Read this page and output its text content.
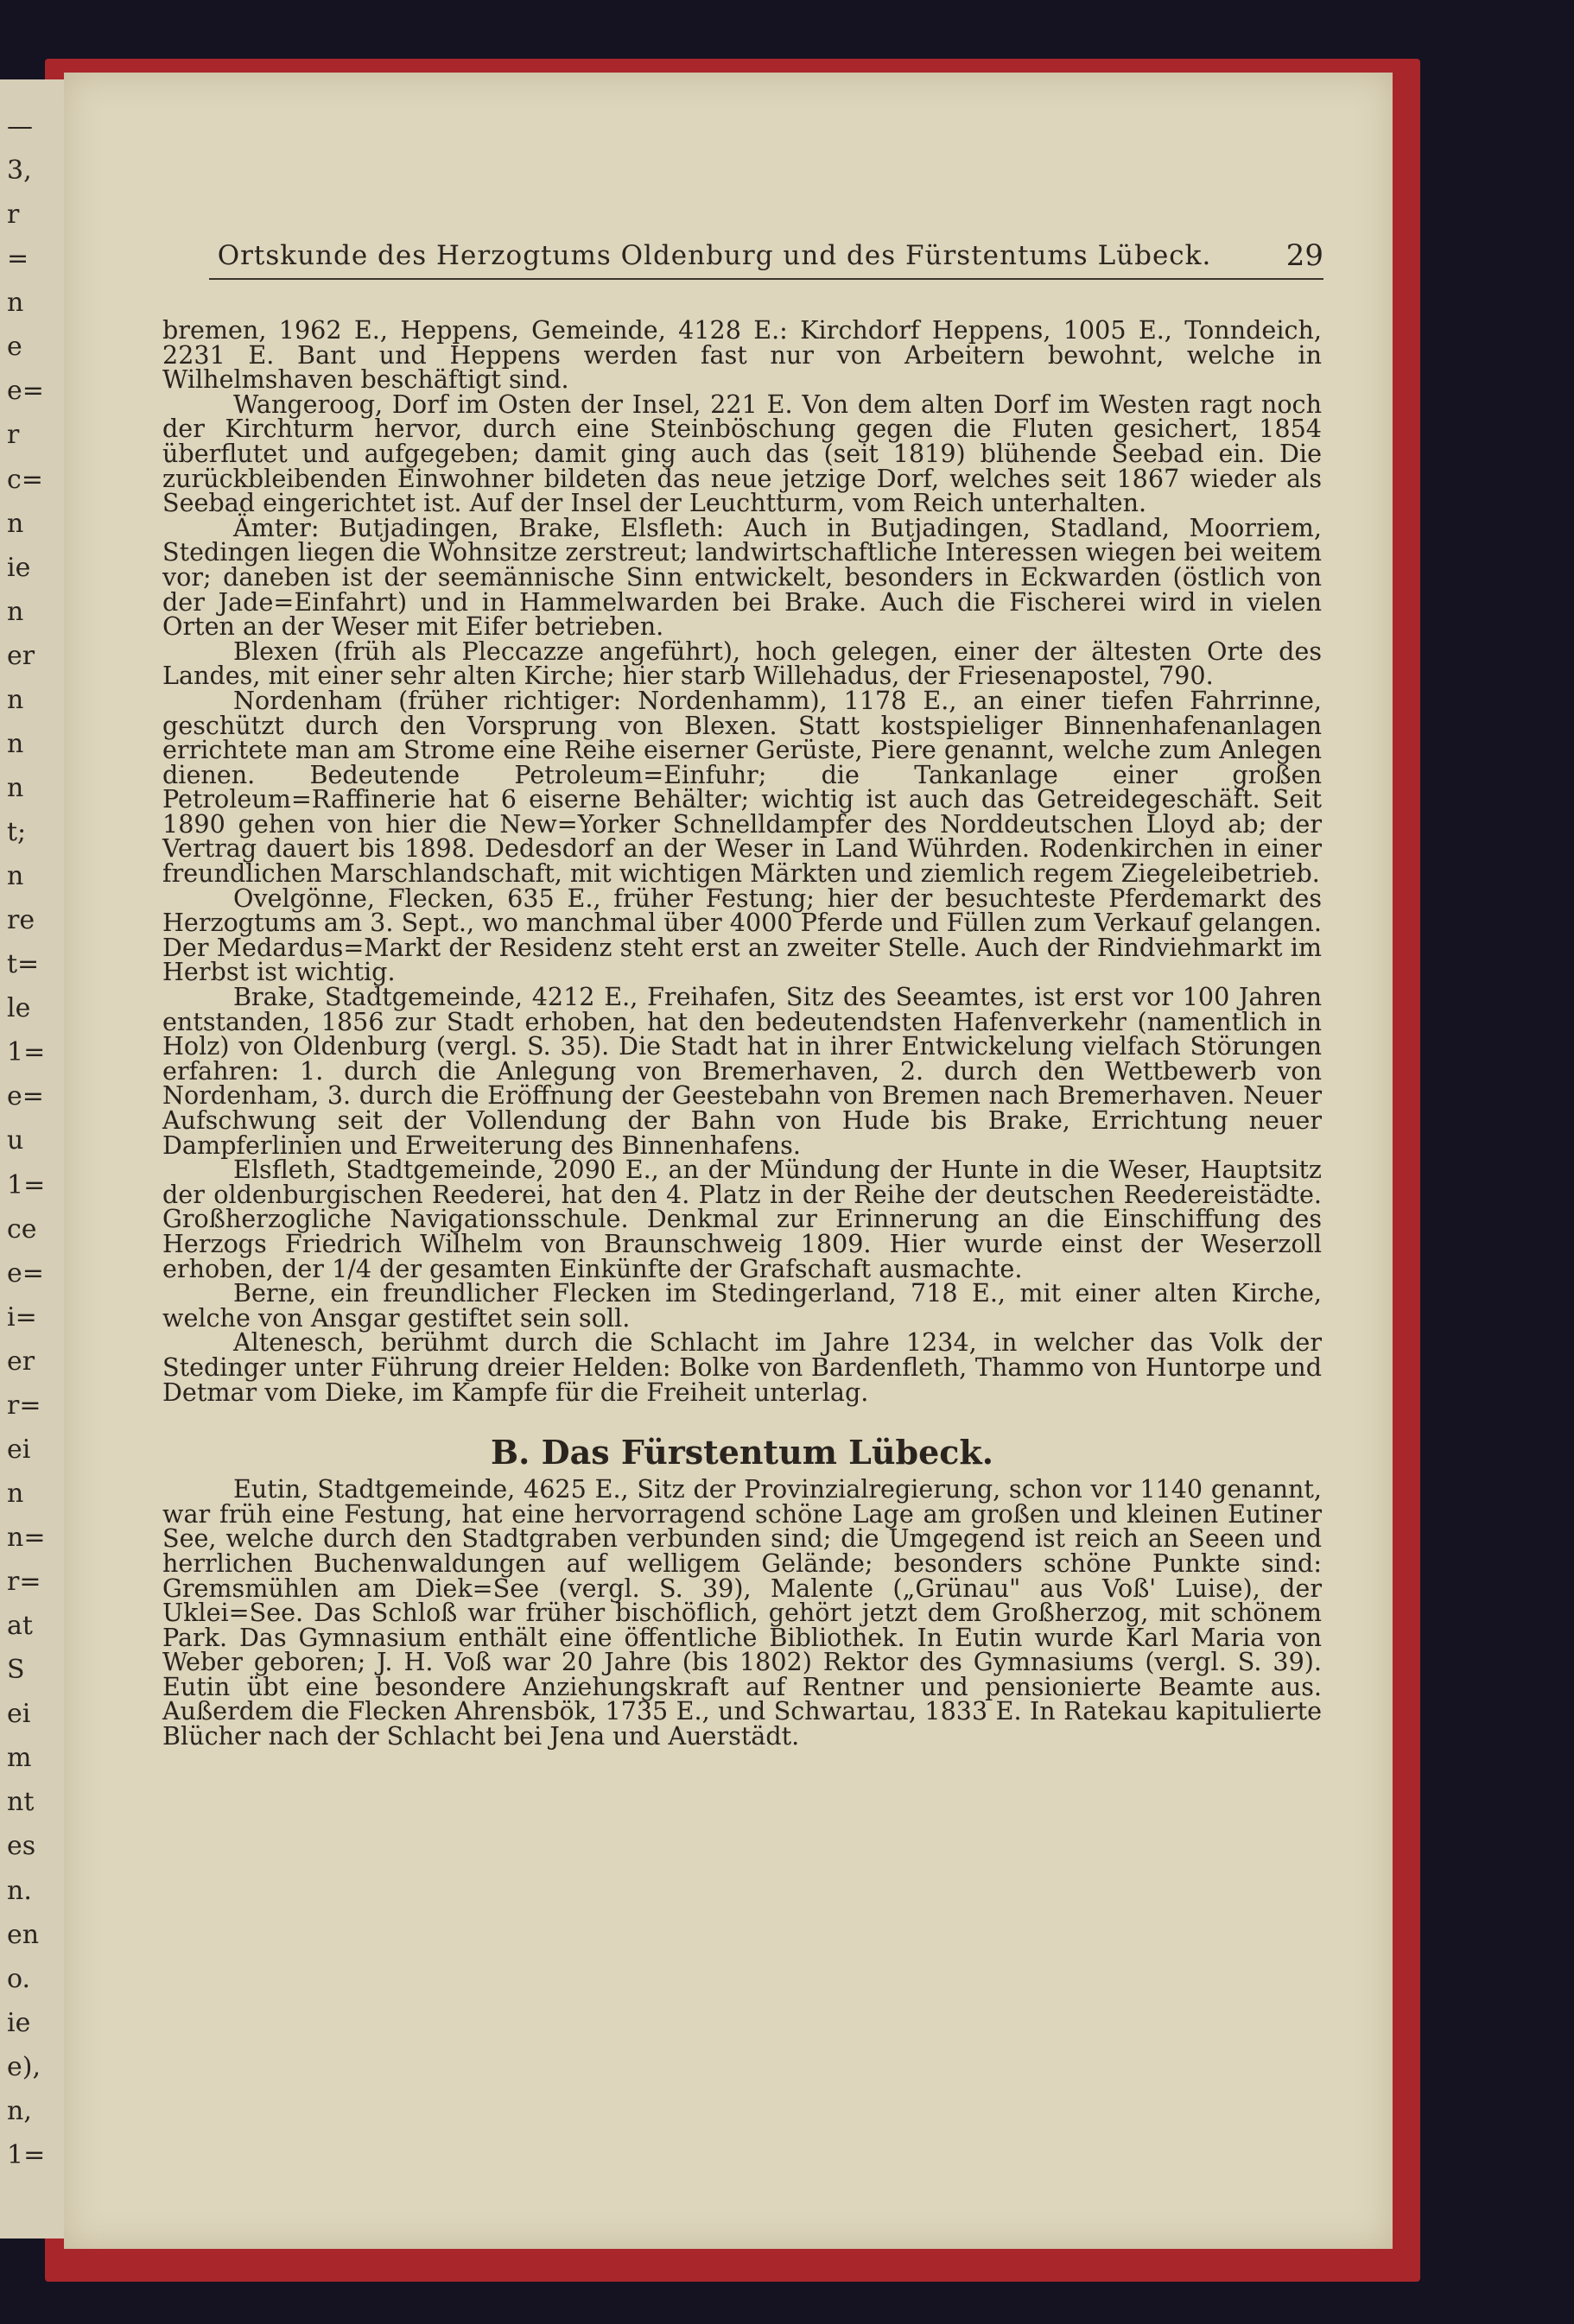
—
3,
r
=
n
e
e=
r
c=
n
ie
n
er
n
n
n
t;
n
re
t=
le
1=
e=
u
1=
ce
e=
i=
er
r=
ei
n
n=
r=
at
S
ei
m
nt
es
n.
en
o.
ie
e),
n,
1=
Ortskunde des Herzogtums Oldenburg und des Fürstentums Lübeck.	29

bremen, 1962 E., Heppens, Gemeinde, 4128 E.: Kirchdorf Heppens, 1005 E., Tonndeich, 2231 E. Bant und Heppens werden fast nur von Arbeitern bewohnt, welche in Wilhelmshaven beschäftigt sind.

Wangeroog, Dorf im Osten der Insel, 221 E. Von dem alten Dorf im Westen ragt noch der Kirchturm hervor, durch eine Steinböschung gegen die Fluten gesichert, 1854 überflutet und aufgegeben; damit ging auch das (seit 1819) blühende Seebad ein. Die zurückbleibenden Einwohner bildeten das neue jetzige Dorf, welches seit 1867 wieder als Seebad eingerichtet ist. Auf der Insel der Leuchtturm, vom Reich unterhalten.

Ämter: Butjadingen, Brake, Elsfleth: Auch in Butjadingen, Stadland, Moorriem, Stedingen liegen die Wohnsitze zerstreut; landwirtschaftliche Interessen wiegen bei weitem vor; daneben ist der seemännische Sinn entwickelt, besonders in Eckwarden (östlich von der Jade=Einfahrt) und in Hammelwarden bei Brake. Auch die Fischerei wird in vielen Orten an der Weser mit Eifer betrieben.

Blexen (früh als Pleccazze angeführt), hoch gelegen, einer der ältesten Orte des Landes, mit einer sehr alten Kirche; hier starb Willehadus, der Friesenapostel, 790.

Nordenham (früher richtiger: Nordenhamm), 1178 E., an einer tiefen Fahrrinne, geschützt durch den Vorsprung von Blexen. Statt kostspieliger Binnenhafenanlagen errichtete man am Strome eine Reihe eiserner Gerüste, Piere genannt, welche zum Anlegen dienen. Bedeutende Petroleum=Einfuhr; die Tankanlage einer großen Petroleum=Raffinerie hat 6 eiserne Behälter; wichtig ist auch das Getreidegeschäft. Seit 1890 gehen von hier die New=Yorker Schnelldampfer des Norddeutschen Lloyd ab; der Vertrag dauert bis 1898. Dedesdorf an der Weser in Land Wührden. Rodenkirchen in einer freundlichen Marschlandschaft, mit wichtigen Märkten und ziemlich regem Ziegeleibetrieb.

Ovelgönne, Flecken, 635 E., früher Festung; hier der besuchteste Pferdemarkt des Herzogtums am 3. Sept., wo manchmal über 4000 Pferde und Füllen zum Verkauf gelangen. Der Medardus=Markt der Residenz steht erst an zweiter Stelle. Auch der Rindviehmarkt im Herbst ist wichtig.

Brake, Stadtgemeinde, 4212 E., Freihafen, Sitz des Seeamtes, ist erst vor 100 Jahren entstanden, 1856 zur Stadt erhoben, hat den bedeutendsten Hafenverkehr (namentlich in Holz) von Oldenburg (vergl. S. 35). Die Stadt hat in ihrer Entwickelung vielfach Störungen erfahren: 1. durch die Anlegung von Bremerhaven, 2. durch den Wettbewerb von Nordenham, 3. durch die Eröffnung der Geestebahn von Bremen nach Bremerhaven. Neuer Aufschwung seit der Vollendung der Bahn von Hude bis Brake, Errichtung neuer Dampferlinien und Erweiterung des Binnenhafens.

Elsfleth, Stadtgemeinde, 2090 E., an der Mündung der Hunte in die Weser, Hauptsitz der oldenburgischen Reederei, hat den 4. Platz in der Reihe der deutschen Reedereistädte. Großherzogliche Navigationsschule. Denkmal zur Erinnerung an die Einschiffung des Herzogs Friedrich Wilhelm von Braunschweig 1809. Hier wurde einst der Weserzoll erhoben, der 1/4 der gesamten Einkünfte der Grafschaft ausmachte.

Berne, ein freundlicher Flecken im Stedingerland, 718 E., mit einer alten Kirche, welche von Ansgar gestiftet sein soll.

Altenesch, berühmt durch die Schlacht im Jahre 1234, in welcher das Volk der Stedinger unter Führung dreier Helden: Bolke von Bardenfleth, Thammo von Huntorpe und Detmar vom Dieke, im Kampfe für die Freiheit unterlag.

B. Das Fürstentum Lübeck.

Eutin, Stadtgemeinde, 4625 E., Sitz der Provinzialregierung, schon vor 1140 genannt, war früh eine Festung, hat eine hervorragend schöne Lage am großen und kleinen Eutiner See, welche durch den Stadtgraben verbunden sind; die Umgegend ist reich an Seeen und herrlichen Buchenwaldungen auf welligem Gelände; besonders schöne Punkte sind: Gremsmühlen am Diek=See (vergl. S. 39), Malente („Grünau" aus Voß' Luise), der Uklei=See. Das Schloß war früher bischöflich, gehört jetzt dem Großherzog, mit schönem Park. Das Gymnasium enthält eine öffentliche Bibliothek. In Eutin wurde Karl Maria von Weber geboren; J. H. Voß war 20 Jahre (bis 1802) Rektor des Gymnasiums (vergl. S. 39). Eutin übt eine besondere Anziehungskraft auf Rentner und pensionierte Beamte aus. Außerdem die Flecken Ahrensbök, 1735 E., und Schwartau, 1833 E. In Ratekau kapitulierte Blücher nach der Schlacht bei Jena und Auerstädt.
